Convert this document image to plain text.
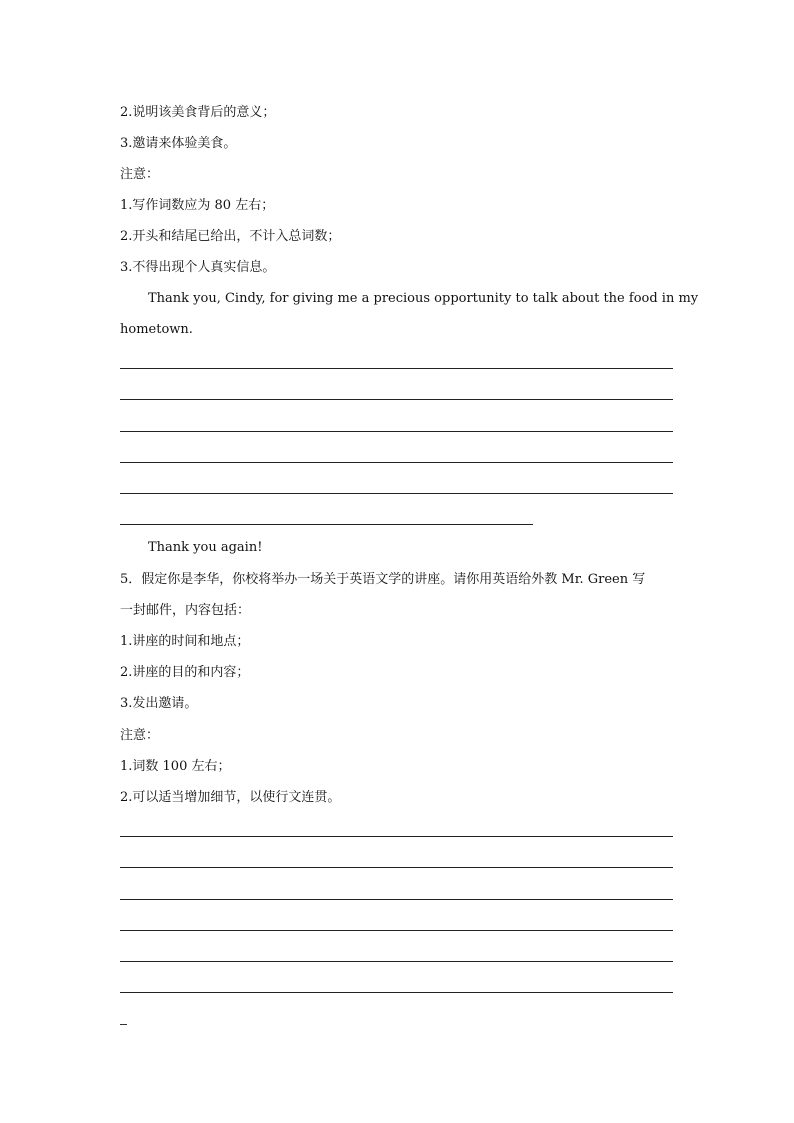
2.说明该美食背后的意义；
3.邀请来体验美食。
注意：
1.写作词数应为 80 左右；
2.开头和结尾已给出，不计入总词数；
3.不得出现个人真实信息。
Thank you, Cindy, for giving me a precious opportunity to talk about the food in my
hometown.
Thank you again!
5．假定你是李华，你校将举办一场关于英语文学的讲座。请你用英语给外教 Mr. Green 写
一封邮件，内容包括：
1.讲座的时间和地点；
2.讲座的目的和内容；
3.发出邀请。
注意：
1.词数 100 左右；
2.可以适当增加细节，以使行文连贯。
